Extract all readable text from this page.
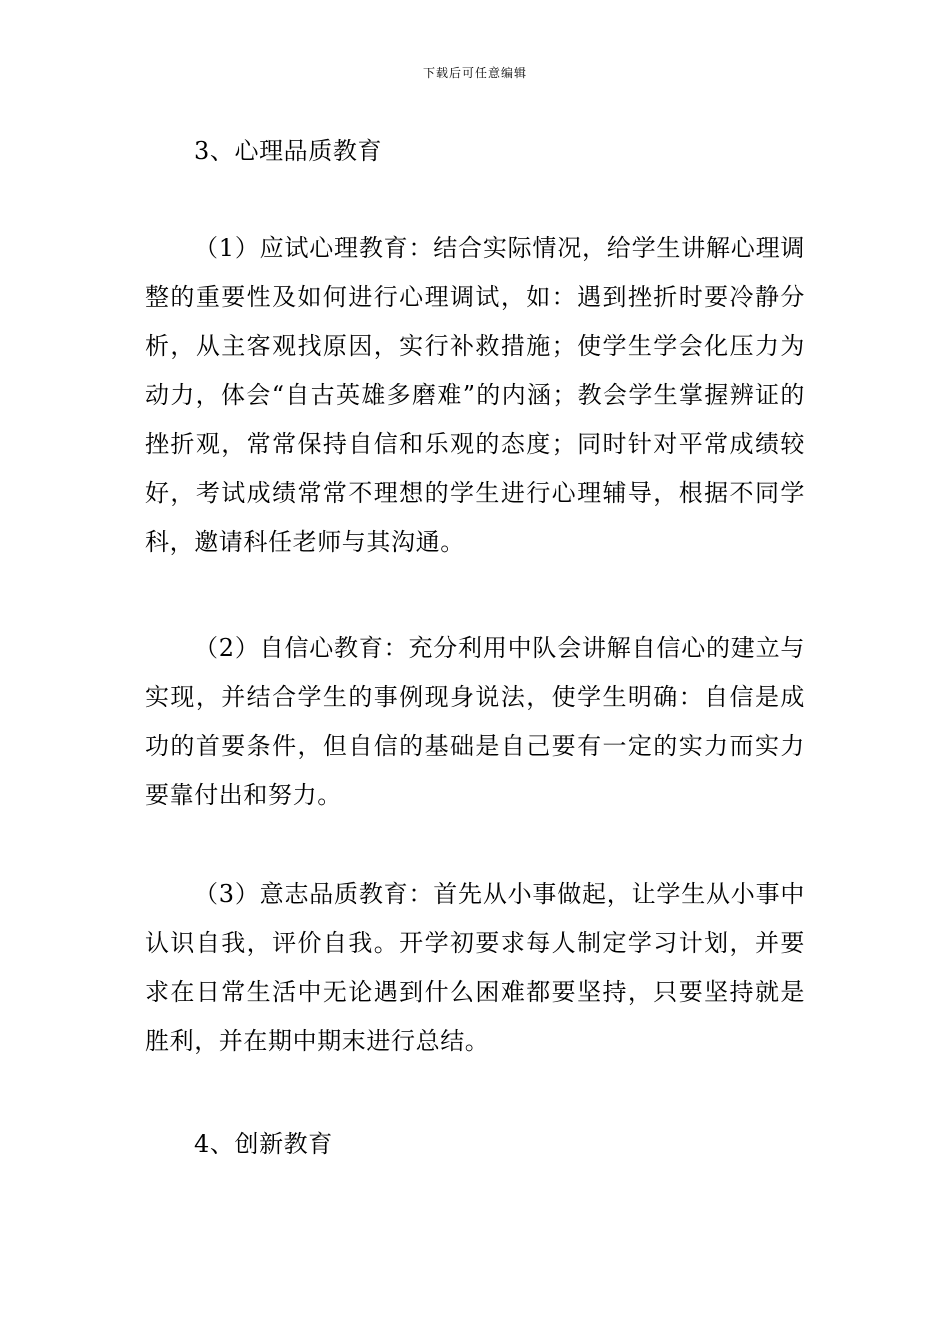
下载后可任意编辑

3、心理品质教育

（1）应试心理教育：结合实际情况，给学生讲解心理调整的重要性及如何进行心理调试，如：遇到挫折时要冷静分析，从主客观找原因，实行补救措施；使学生学会化压力为动力，体会“自古英雄多磨难”的内涵；教会学生掌握辨证的挫折观，常常保持自信和乐观的态度；同时针对平常成绩较好，考试成绩常常不理想的学生进行心理辅导，根据不同学科，邀请科任老师与其沟通。

（2）自信心教育：充分利用中队会讲解自信心的建立与实现，并结合学生的事例现身说法，使学生明确：自信是成功的首要条件，但自信的基础是自己要有一定的实力而实力要靠付出和努力。

（3）意志品质教育：首先从小事做起，让学生从小事中认识自我，评价自我。开学初要求每人制定学习计划，并要求在日常生活中无论遇到什么困难都要坚持，只要坚持就是胜利，并在期中期末进行总结。

4、创新教育
